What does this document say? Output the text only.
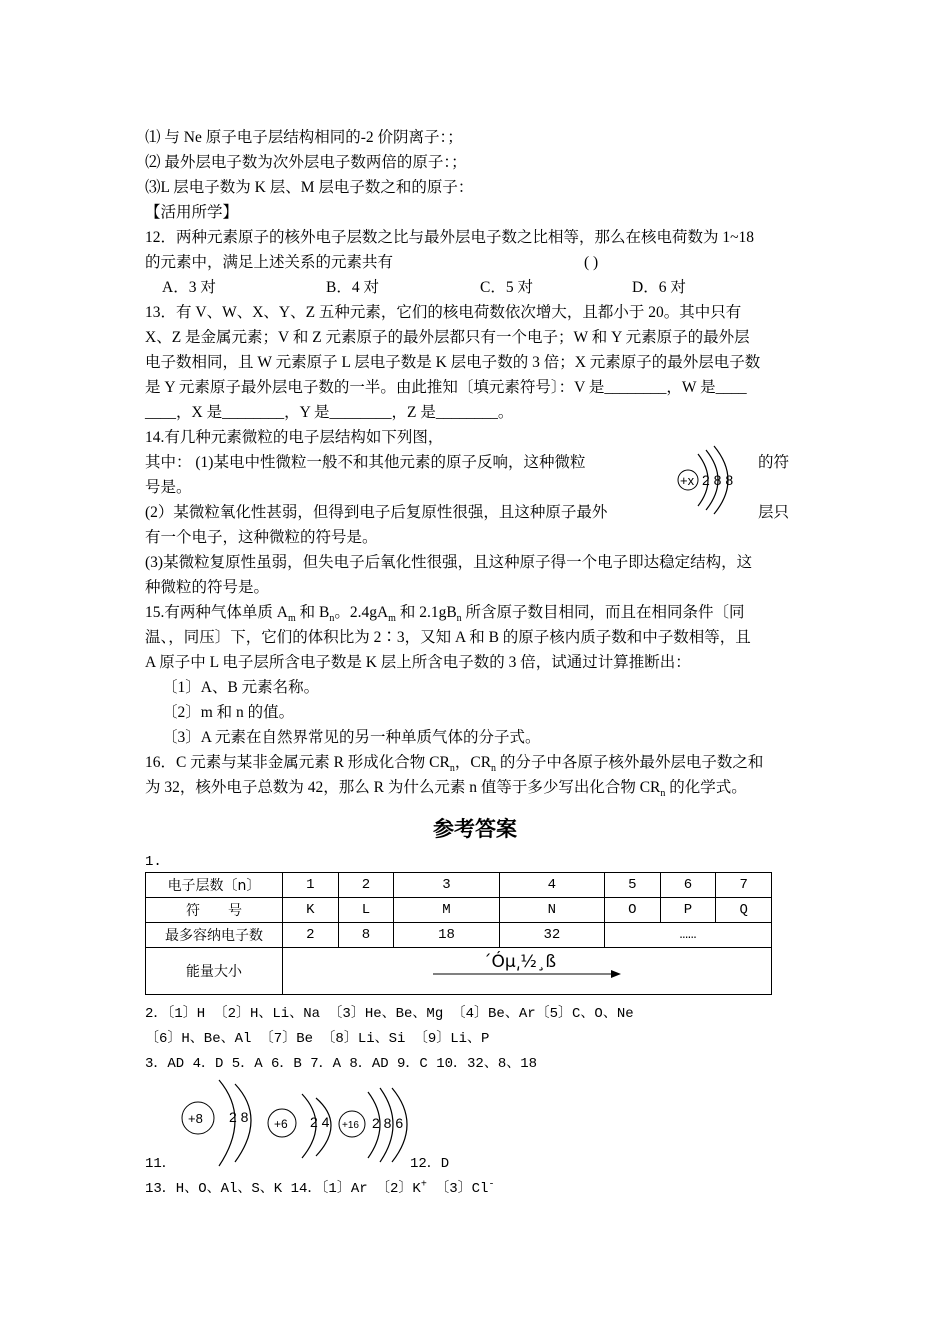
⑴ 与 Ne 原子电子层结构相同的-2 价阴离子：；
⑵ 最外层电子数为次外层电子数两倍的原子：；
⑶L 层电子数为 K 层、M 层电子数之和的原子：
【活用所学】
12．两种元素原子的核外电子层数之比与最外层电子数之比相等，那么在核电荷数为 1~18
的元素中，满足上述关系的元素共有	( )
A．3 对	B．4 对	C．5 对	D．6 对
13．有 V、W、X、Y、Z 五种元素，它们的核电荷数依次增大，且都小于 20。其中只有
X、Z 是金属元素；V 和 Z 元素原子的最外层都只有一个电子；W 和 Y 元素原子的最外层
电子数相同，且 W 元素原子 L 层电子数是 K 层电子数的 3 倍；X 元素原子的最外层电子数
是 Y 元素原子最外层电子数的一半。由此推知〔填元素符号〕：V 是________，W 是____
____，X 是________，Y 是________，Z 是________。
14.有几种元素微粒的电子层结构如下列图，
其中： (1)某电中性微粒一般不和其他元素的原子反响，这种微粒	的符
号是。
(2）某微粒氧化性甚弱，但得到电子后复原性很强，且这种原子最外	层只
有一个电子，这种微粒的符号是。
(3)某微粒复原性虽弱，但失电子后氧化性很强，且这种原子得一个电子即达稳定结构，这
种微粒的符号是。
+x 2 8 8
15.有两种气体单质 $A_m$ 和 $B_n$。$2.4gA_m$ 和 $2.1gB_n$ 所含原子数目相同，而且在相同条件〔同
温、，同压〕下，它们的体积比为 2∶3，又知 A 和 B 的原子核内质子数和中子数相等，且
A 原子中 L 电子层所含电子数是 K 层上所含电子数的 3 倍，试通过计算推断出：
〔1〕A、B 元素名称。
〔2〕m 和 n 的值。
〔3〕A 元素在自然界常见的另一种单质气体的分子式。
16．C 元素与某非金属元素 R 形成化合物 $CR_n$，$CR_n$ 的分子中各原子核外最外层电子数之和
为 32，核外电子总数为 42，那么 R 为什么元素 n 值等于多少写出化合物 $CR_n$ 的化学式。
参考答案
1.
电子层数〔n〕	1	2	3	4	5	6	7
符　　号	K	L	M	N	O	P	Q
最多容纳电子数	2	8	18	32	……		
能量大小	´Óµ͵½¸ß						
2．〔1〕H 〔2〕H、Li、Na 〔3〕He、Be、Mg 〔4〕Be、Ar〔5〕C、O、Ne
〔6〕H、Be、Al 〔7〕Be 〔8〕Li、Si 〔9〕Li、P
3．AD 4．D 5．A 6．B 7．A 8．AD 9．C 10．32、8、18
+8 2 8 +6 2 4 +16 2 8 6
11．	12．D
13．H、O、Al、S、K 14．〔1〕Ar 〔2〕K+ 〔3〕Cl-
